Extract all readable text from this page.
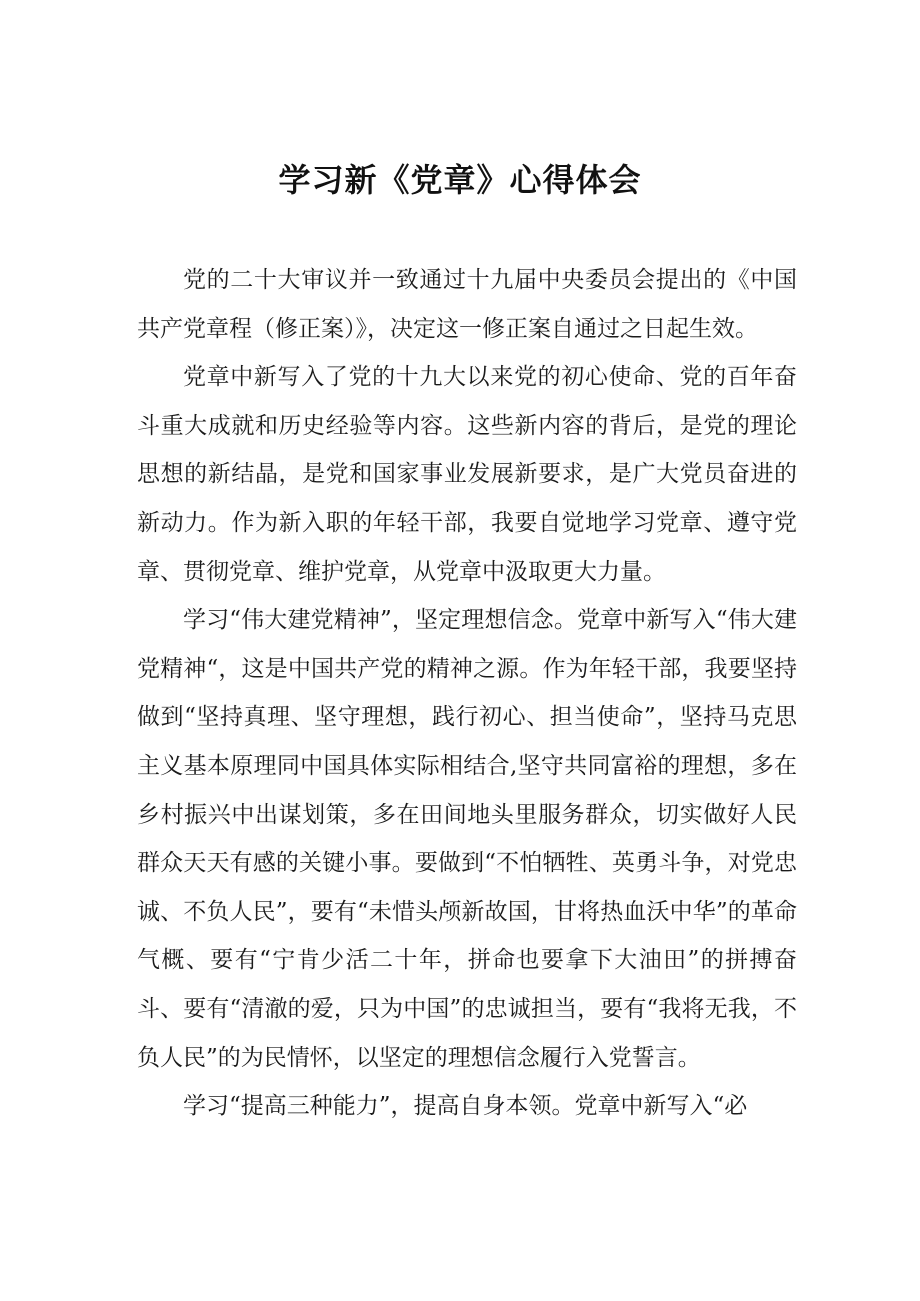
学习新《党章》心得体会

党的二十大审议并一致通过十九届中央委员会提出的《中国共产党章程（修正案）》，决定这一修正案自通过之日起生效。

党章中新写入了党的十九大以来党的初心使命、党的百年奋斗重大成就和历史经验等内容。这些新内容的背后，是党的理论思想的新结晶，是党和国家事业发展新要求，是广大党员奋进的新动力。作为新入职的年轻干部，我要自觉地学习党章、遵守党章、贯彻党章、维护党章，从党章中汲取更大力量。

学习“伟大建党精神”，坚定理想信念。党章中新写入“伟大建党精神“，这是中国共产党的精神之源。作为年轻干部，我要坚持做到“坚持真理、坚守理想，践行初心、担当使命”，坚持马克思主义基本原理同中国具体实际相结合,坚守共同富裕的理想，多在乡村振兴中出谋划策，多在田间地头里服务群众，切实做好人民群众天天有感的关键小事。要做到“不怕牺牲、英勇斗争，对党忠诚、不负人民”，要有“未惜头颅新故国，甘将热血沃中华”的革命气概、要有“宁肯少活二十年，拼命也要拿下大油田”的拼搏奋斗、要有“清澈的爱，只为中国”的忠诚担当，要有“我将无我，不负人民”的为民情怀，以坚定的理想信念履行入党誓言。

学习“提高三种能力”，提高自身本领。党章中新写入“必
